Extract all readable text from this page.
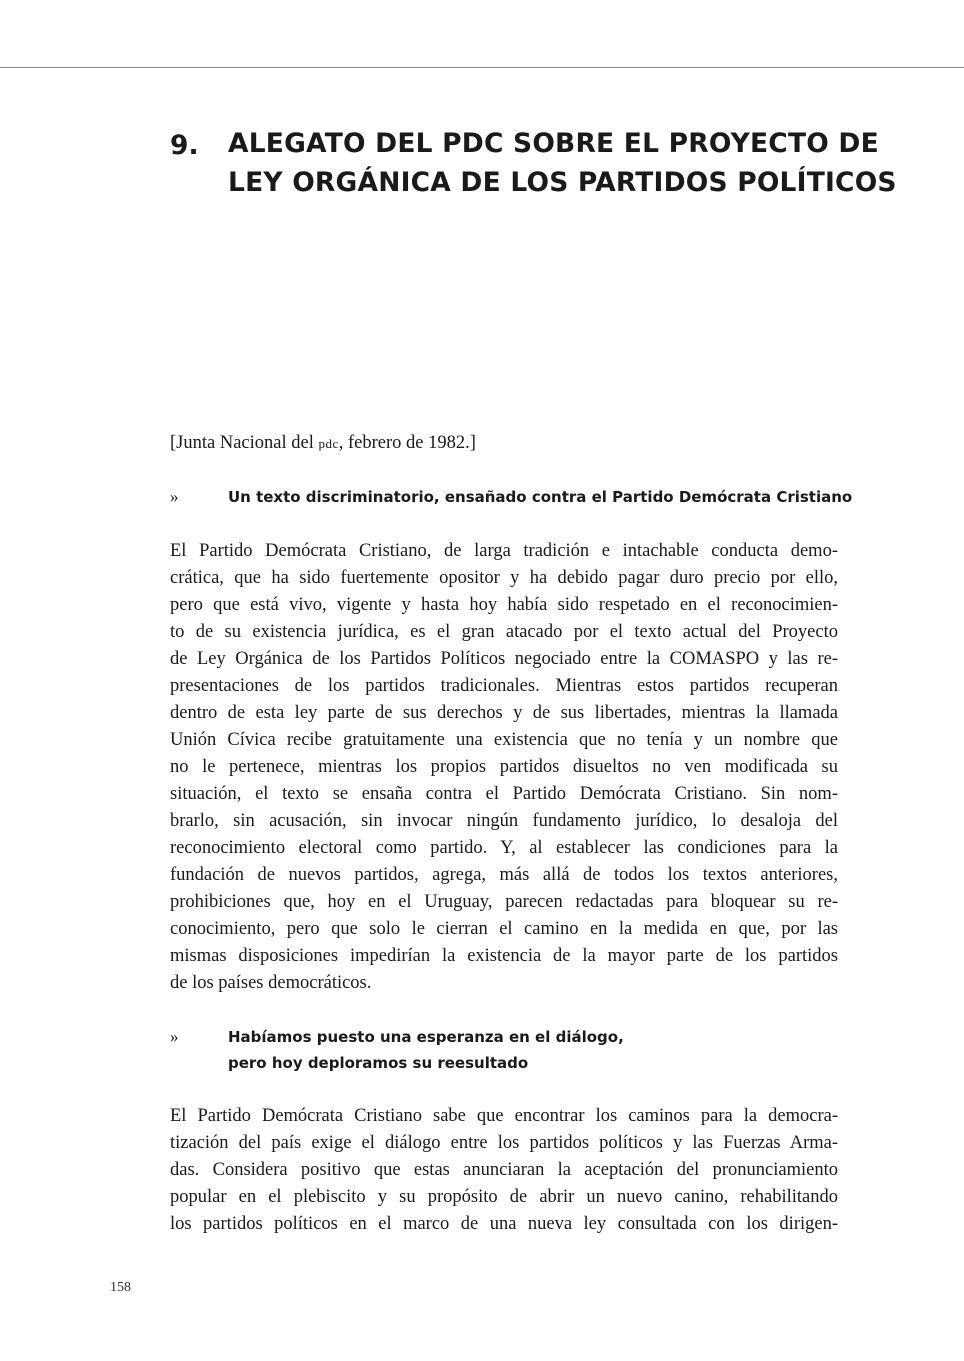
9. ALEGATO DEL PDC SOBRE EL PROYECTO DE
LEY ORGÁNICA DE LOS PARTIDOS POLÍTICOS
[Junta Nacional del pdc, febrero de 1982.]
»	Un texto discriminatorio, ensañado contra el Partido Demócrata Cristiano
El Partido Demócrata Cristiano, de larga tradición e intachable conducta demo-
crática, que ha sido fuertemente opositor y ha debido pagar duro precio por ello,
pero que está vivo, vigente y hasta hoy había sido respetado en el reconocimien-
to de su existencia jurídica, es el gran atacado por el texto actual del Proyecto
de Ley Orgánica de los Partidos Políticos negociado entre la COMASPO y las re-
presentaciones de los partidos tradicionales. Mientras estos partidos recuperan
dentro de esta ley parte de sus derechos y de sus libertades, mientras la llamada
Unión Cívica recibe gratuitamente una existencia que no tenía y un nombre que
no le pertenece, mientras los propios partidos disueltos no ven modificada su
situación, el texto se ensaña contra el Partido Demócrata Cristiano. Sin nom-
brarlo, sin acusación, sin invocar ningún fundamento jurídico, lo desaloja del
reconocimiento electoral como partido. Y, al establecer las condiciones para la
fundación de nuevos partidos, agrega, más allá de todos los textos anteriores,
prohibiciones que, hoy en el Uruguay, parecen redactadas para bloquear su re-
conocimiento, pero que solo le cierran el camino en la medida en que, por las
mismas disposiciones impedirían la existencia de la mayor parte de los partidos
de los países democráticos.
»	Habíamos puesto una esperanza en el diálogo,
pero hoy deploramos su reesultado
El Partido Demócrata Cristiano sabe que encontrar los caminos para la democra-
tización del país exige el diálogo entre los partidos políticos y las Fuerzas Arma-
das. Considera positivo que estas anunciaran la aceptación del pronunciamiento
popular en el plebiscito y su propósito de abrir un nuevo canino, rehabilitando
los partidos políticos en el marco de una nueva ley consultada con los dirigen-
158
